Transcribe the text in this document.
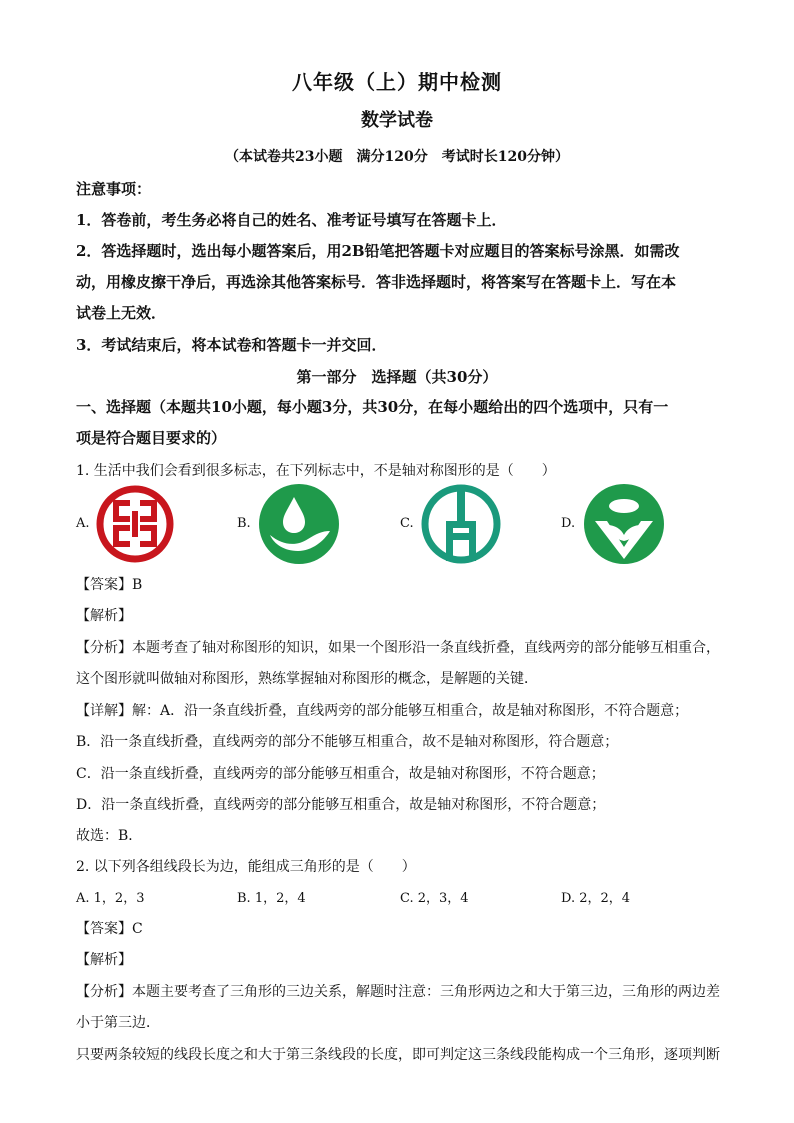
八年级（上）期中检测
数学试卷
（本试卷共23小题　满分120分　考试时长120分钟）
注意事项：
1．答卷前，考生务必将自己的姓名、准考证号填写在答题卡上．
2．答选择题时，选出每小题答案后，用2B铅笔把答题卡对应题目的答案标号涂黑．如需改
动，用橡皮擦干净后，再选涂其他答案标号．答非选择题时，将答案写在答题卡上．写在本
试卷上无效．
3．考试结束后，将本试卷和答题卡一并交回．
第一部分　选择题（共30分）
一、选择题（本题共10小题，每小题3分，共30分，在每小题给出的四个选项中，只有一
项是符合题目要求的）
1. 生活中我们会看到很多标志，在下列标志中，不是轴对称图形的是（　　）
A.	B.	C.	D.
【答案】B
【解析】
【分析】本题考查了轴对称图形的知识，如果一个图形沿一条直线折叠，直线两旁的部分能够互相重合，
这个图形就叫做轴对称图形，熟练掌握轴对称图形的概念，是解题的关键．
【详解】解：A．沿一条直线折叠，直线两旁的部分能够互相重合，故是轴对称图形，不符合题意；
B．沿一条直线折叠，直线两旁的部分不能够互相重合，故不是轴对称图形，符合题意；
C．沿一条直线折叠，直线两旁的部分能够互相重合，故是轴对称图形，不符合题意；
D．沿一条直线折叠，直线两旁的部分能够互相重合，故是轴对称图形，不符合题意；
故选：B．
2. 以下列各组线段长为边，能组成三角形的是（　　）
A. 1，2，3	B. 1，2，4	C. 2，3，4	D. 2，2，4
【答案】C
【解析】
【分析】本题主要考查了三角形的三边关系，解题时注意：三角形两边之和大于第三边，三角形的两边差
小于第三边．
只要两条较短的线段长度之和大于第三条线段的长度，即可判定这三条线段能构成一个三角形，逐项判断
